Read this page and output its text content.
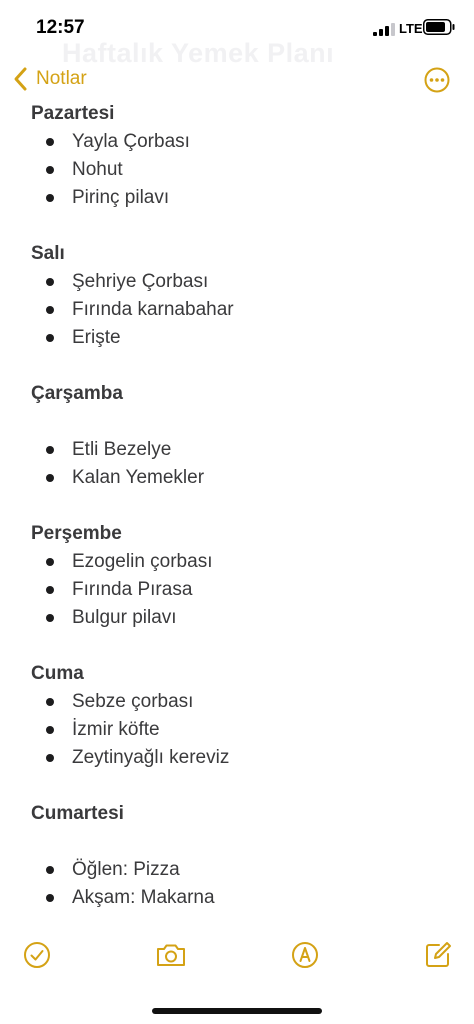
12:57	LTE
Haftalık Yemek Planı
Notlar
Pazartesi
Yayla Çorbası
Nohut
Pirinç pilavı
Salı
Şehriye Çorbası
Fırında karnabahar
Erişte
Çarşamba
Etli Bezelye
Kalan Yemekler
Perşembe
Ezogelin çorbası
Fırında Pırasa
Bulgur pilavı
Cuma
Sebze çorbası
İzmir köfte
Zeytinyağlı kereviz
Cumartesi
Öğlen: Pizza
Akşam: Makarna
